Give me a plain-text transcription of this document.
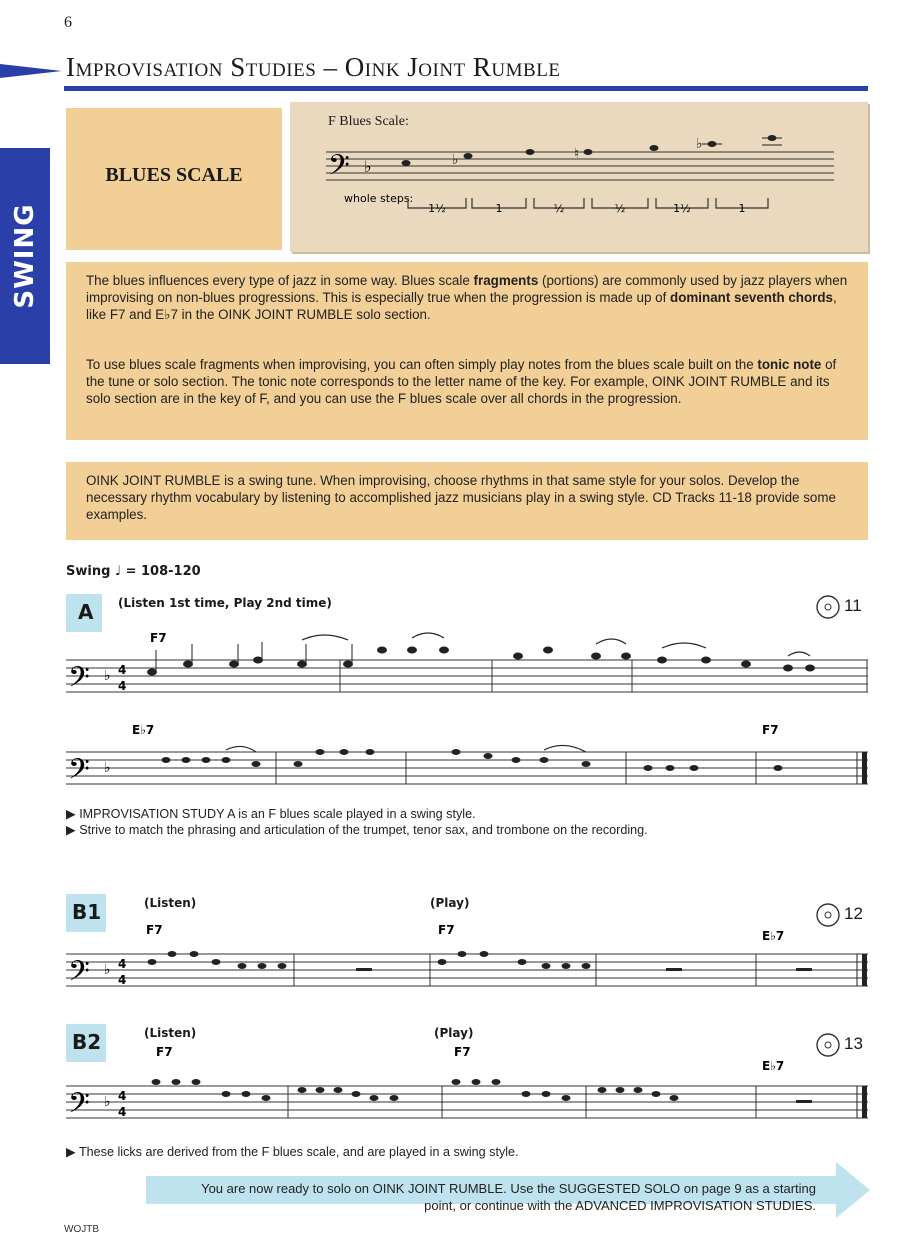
6
Improvisation Studies – Oink Joint Rumble
SWING
BLUES SCALE
F Blues Scale:
𝄢 ♭	♭	♮
♭
whole steps:
1½	1	½	½	1½	1
The blues influences every type of jazz in some way. Blues scale fragments (portions) are commonly used by jazz players when improvising on non-blues progressions. This is especially true when the progression is made up of dominant seventh chords, like F7 and E♭7 in the OINK JOINT RUMBLE solo section.
To use blues scale fragments when improvising, you can often simply play notes from the blues scale built on the tonic note of the tune or solo section. The tonic note corresponds to the letter name of the key. For example, OINK JOINT RUMBLE and its solo section are in the key of F, and you can use the F blues scale over all chords in the progression.
OINK JOINT RUMBLE is a swing tune. When improvising, choose rhythms in that same style for your solos. Develop the necessary rhythm vocabulary by listening to accomplished jazz musicians play in a swing style. CD Tracks 11-18 provide some examples.
Swing ♩ = 108-120
A (Listen 1st time, Play 2nd time)	11
F7
𝄢 ♭ 4
4
E♭7	F7
𝄢 ♭
▶ IMPROVISATION STUDY A is an F blues scale played in a swing style.
▶ Strive to match the phrasing and articulation of the trumpet, tenor sax, and trombone on the recording.
B1	(Listen)	(Play)
12
F7	F7	E♭7
𝄢 ♭ 4
4
B2	(Listen)	(Play)
13
F7	F7
E♭7
𝄢 ♭ 4
4
▶ These licks are derived from the F blues scale, and are played in a swing style.
You are now ready to solo on OINK JOINT RUMBLE. Use the SUGGESTED SOLO on page 9 as a starting point, or continue with the ADVANCED IMPROVISATION STUDIES.
WOJTB
